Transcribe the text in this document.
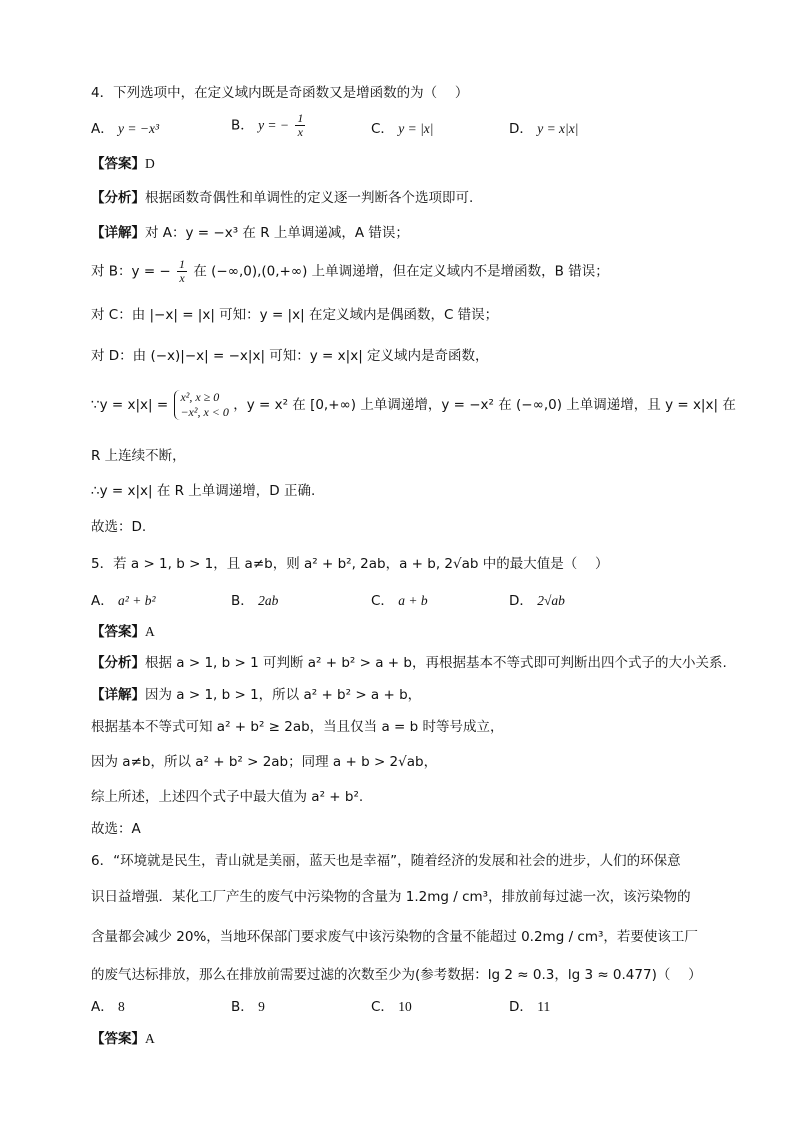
4．下列选项中，在定义域内既是奇函数又是增函数的为（　 ）
A． y = −x³	B． y = − $\frac{1}{x}$	C． y = |x|	D． y = x|x|
【答案】D
【分析】根据函数奇偶性和单调性的定义逐一判断各个选项即可.
【详解】对 A：y = −x³ 在 R 上单调递减，A 错误；
对 B：y = − $\frac{1}{x}$ 在 (−∞,0),(0,+∞) 上单调递增，但在定义域内不是增函数，B 错误；
对 C：由 |−x| = |x| 可知：y = |x| 在定义域内是偶函数，C 错误；
对 D：由 (−x)|−x| = −x|x| 可知：y = x|x| 定义域内是奇函数，
∵y = x|x| = x², x ≥ 0
−x², x < 0 ，y = x² 在 [0,+∞) 上单调递增，y = −x² 在 (−∞,0) 上单调递增，且 y = x|x| 在
R 上连续不断，
∴y = x|x| 在 R 上单调递增，D 正确.
故选：D.
5．若 a > 1, b > 1，且 a≠b，则 a² + b², 2ab，a + b, 2√ab 中的最大值是（　 ）
A． a² + b²	B． 2ab	C． a + b	D． 2√ab
【答案】A
【分析】根据 a > 1, b > 1 可判断 a² + b² > a + b，再根据基本不等式即可判断出四个式子的大小关系.
【详解】因为 a > 1, b > 1，所以 a² + b² > a + b，
根据基本不等式可知 a² + b² ≥ 2ab，当且仅当 a = b 时等号成立，
因为 a≠b，所以 a² + b² > 2ab；同理 a + b > 2√ab，
综上所述，上述四个式子中最大值为 a² + b².
故选：A
6．“环境就是民生，青山就是美丽，蓝天也是幸福”，随着经济的发展和社会的进步，人们的环保意
识日益增强．某化工厂产生的废气中污染物的含量为 1.2mg / cm³，排放前每过滤一次，该污染物的
含量都会减少 20%，当地环保部门要求废气中该污染物的含量不能超过 0.2mg / cm³，若要使该工厂
的废气达标排放，那么在排放前需要过滤的次数至少为(参考数据：lg 2 ≈ 0.3，lg 3 ≈ 0.477)（　 ）
A． 8	B． 9	C． 10	D． 11
【答案】A
